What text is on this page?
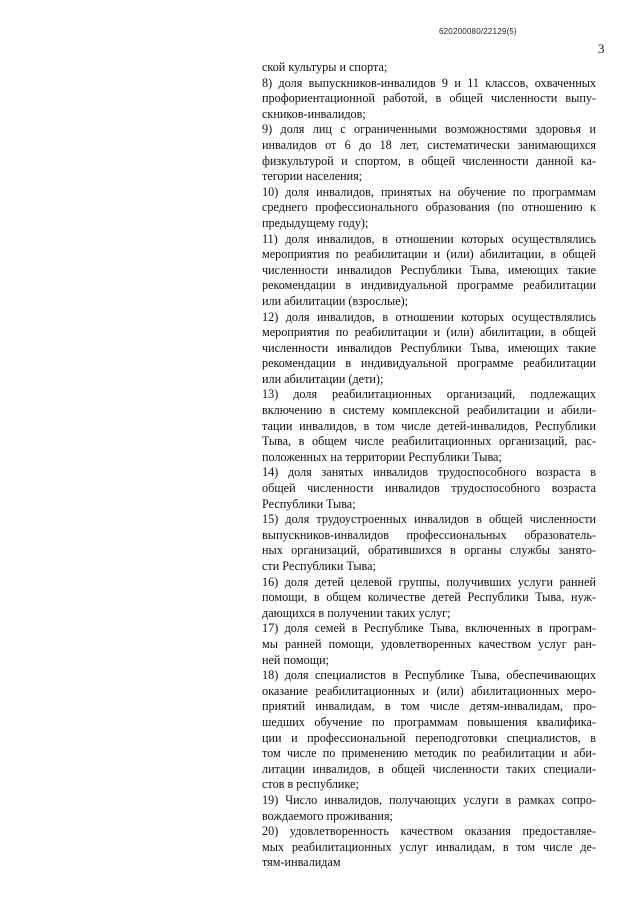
620200080/22129(5)
3
ской культуры и спорта;
8) доля выпускников-инвалидов 9 и 11 классов, охваченных
профориентационной работой, в общей численности выпу-
скников-инвалидов;
9) доля лиц с ограниченными возможностями здоровья и
инвалидов от 6 до 18 лет, систематически занимающихся
физкультурой и спортом, в общей численности данной ка-
тегории населения;
10) доля инвалидов, принятых на обучение по программам
среднего профессионального образования (по отношению к
предыдущему году);
11) доля инвалидов, в отношении которых осуществлялись
мероприятия по реабилитации и (или) абилитации, в общей
численности инвалидов Республики Тыва, имеющих такие
рекомендации в индивидуальной программе реабилитации
или абилитации (взрослые);
12) доля инвалидов, в отношении которых осуществлялись
мероприятия по реабилитации и (или) абилитации, в общей
численности инвалидов Республики Тыва, имеющих такие
рекомендации в индивидуальной программе реабилитации
или абилитации (дети);
13) доля реабилитационных организаций, подлежащих
включению в систему комплексной реабилитации и абили-
тации инвалидов, в том числе детей-инвалидов, Республики
Тыва, в общем числе реабилитационных организаций, рас-
положенных на территории Республики Тыва;
14) доля занятых инвалидов трудоспособного возраста в
общей численности инвалидов трудоспособного возраста
Республики Тыва;
15) доля трудоустроенных инвалидов в общей численности
выпускников-инвалидов профессиональных образователь-
ных организаций, обратившихся в органы службы занято-
сти Республики Тыва;
16) доля детей целевой группы, получивших услуги ранней
помощи, в общем количестве детей Республики Тыва, нуж-
дающихся в получении таких услуг;
17) доля семей в Республике Тыва, включенных в програм-
мы ранней помощи, удовлетворенных качеством услуг ран-
ней помощи;
18) доля специалистов в Республике Тыва, обеспечивающих
оказание реабилитационных и (или) абилитационных меро-
приятий инвалидам, в том числе детям-инвалидам, про-
шедших обучение по программам повышения квалифика-
ции и профессиональной переподготовки специалистов, в
том числе по применению методик по реабилитации и аби-
литации инвалидов, в общей численности таких специали-
стов в республике;
19) Число инвалидов, получающих услуги в рамках сопро-
вождаемого проживания;
20) удовлетворенность качеством оказания предоставляе-
мых реабилитационных услуг инвалидам, в том числе де-
тям-инвалидам
